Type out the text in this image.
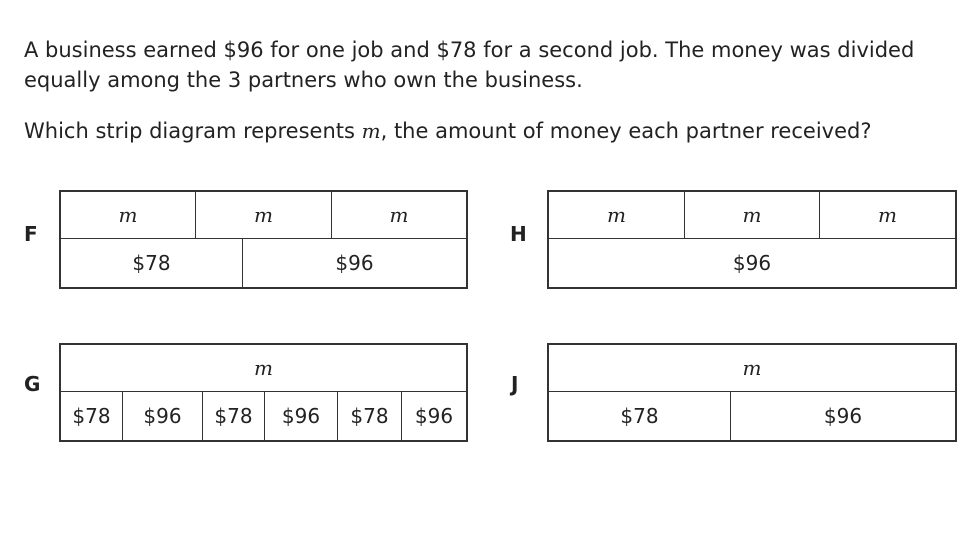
A business earned $96 for one job and $78 for a second job. The money was divided equally among the 3 partners who own the business.

Which strip diagram represents m, the amount of money each partner received?

F
m	m	m
$78	$96
H
m	m	m
$96
G
m
$78	$96	$78	$96	$78	$96
J
m
$78	$96
